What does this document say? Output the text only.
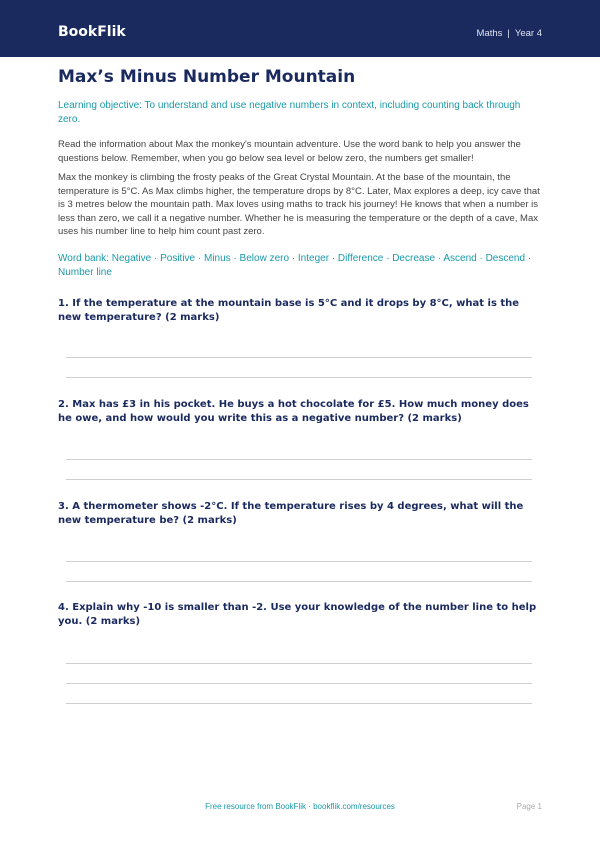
BookFlik	Maths | Year 4
Max’s Minus Number Mountain

Learning objective: To understand and use negative numbers in context, including counting back through zero.

Read the information about Max the monkey's mountain adventure. Use the word bank to help you answer the questions below. Remember, when you go below sea level or below zero, the numbers get smaller!

Max the monkey is climbing the frosty peaks of the Great Crystal Mountain. At the base of the mountain, the temperature is 5°C. As Max climbs higher, the temperature drops by 8°C. Later, Max explores a deep, icy cave that is 3 metres below the mountain path. Max loves using maths to track his journey! He knows that when a number is less than zero, we call it a negative number. Whether he is measuring the temperature or the depth of a cave, Max uses his number line to help him count past zero.

Word bank: Negative · Positive · Minus · Below zero · Integer · Difference · Decrease · Ascend · Descend · Number line

1. If the temperature at the mountain base is 5°C and it drops by 8°C, what is the new temperature? (2 marks)

2. Max has £3 in his pocket. He buys a hot chocolate for £5. How much money does he owe, and how would you write this as a negative number? (2 marks)

3. A thermometer shows -2°C. If the temperature rises by 4 degrees, what will the new temperature be? (2 marks)

4. Explain why -10 is smaller than -2. Use your knowledge of the number line to help you. (2 marks)

Free resource from BookFlik · bookflik.com/resources	Page 1
